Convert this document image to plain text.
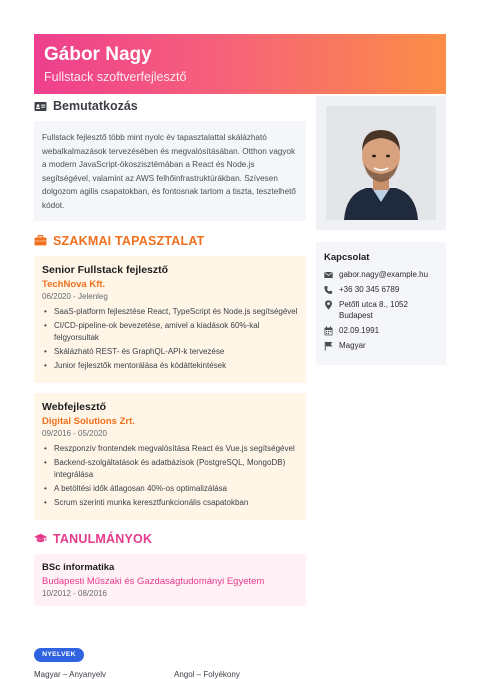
Gábor Nagy
Fullstack szoftverfejlesztő
Bemutatkozás

Fullstack fejlesztő több mint nyolc év tapasztalattal skálázható webalkalmazások tervezésében és megvalósításában. Otthon vagyok a modern JavaScript-ökoszisztémában a React és Node.js segítségével, valamint az AWS felhőinfrastruktúrákban. Szívesen dolgozom agilis csapatokban, és fontosnak tartom a tiszta, tesztelhető kódot.

SZAKMAI TAPASZTALAT
Senior Fullstack fejlesztő
TechNova Kft.
06/2020 - Jelenleg
• SaaS-platform fejlesztése React, TypeScript és Node.js segítségével
• CI/CD-pipeline-ok bevezetése, amivel a kiadások 60%-kal felgyorsultak
• Skálázható REST- és GraphQL-API-k tervezése
• Junior fejlesztők mentorálása és kódáttekintések
Webfejlesztő
Digital Solutions Zrt.
09/2016 - 05/2020
• Reszponzív frontendek megvalósítása React és Vue.js segítségével
• Backend-szolgáltatások és adatbázisok (PostgreSQL, MongoDB) integrálása
• A betöltési idők átlagosan 40%-os optimalizálása
• Scrum szerinti munka keresztfunkcionális csapatokban
TANULMÁNYOK
BSc informatika
Budapesti Műszaki és Gazdaságtudományi Egyetem
10/2012 - 08/2016
NYELVEK
Magyar – Anyanyelv	Angol – Folyékony
Kapcsolat
gabor.nagy@example.hu
+36 30 345 6789
Petőfi utca 8., 1052 Budapest
02.09.1991
Magyar
